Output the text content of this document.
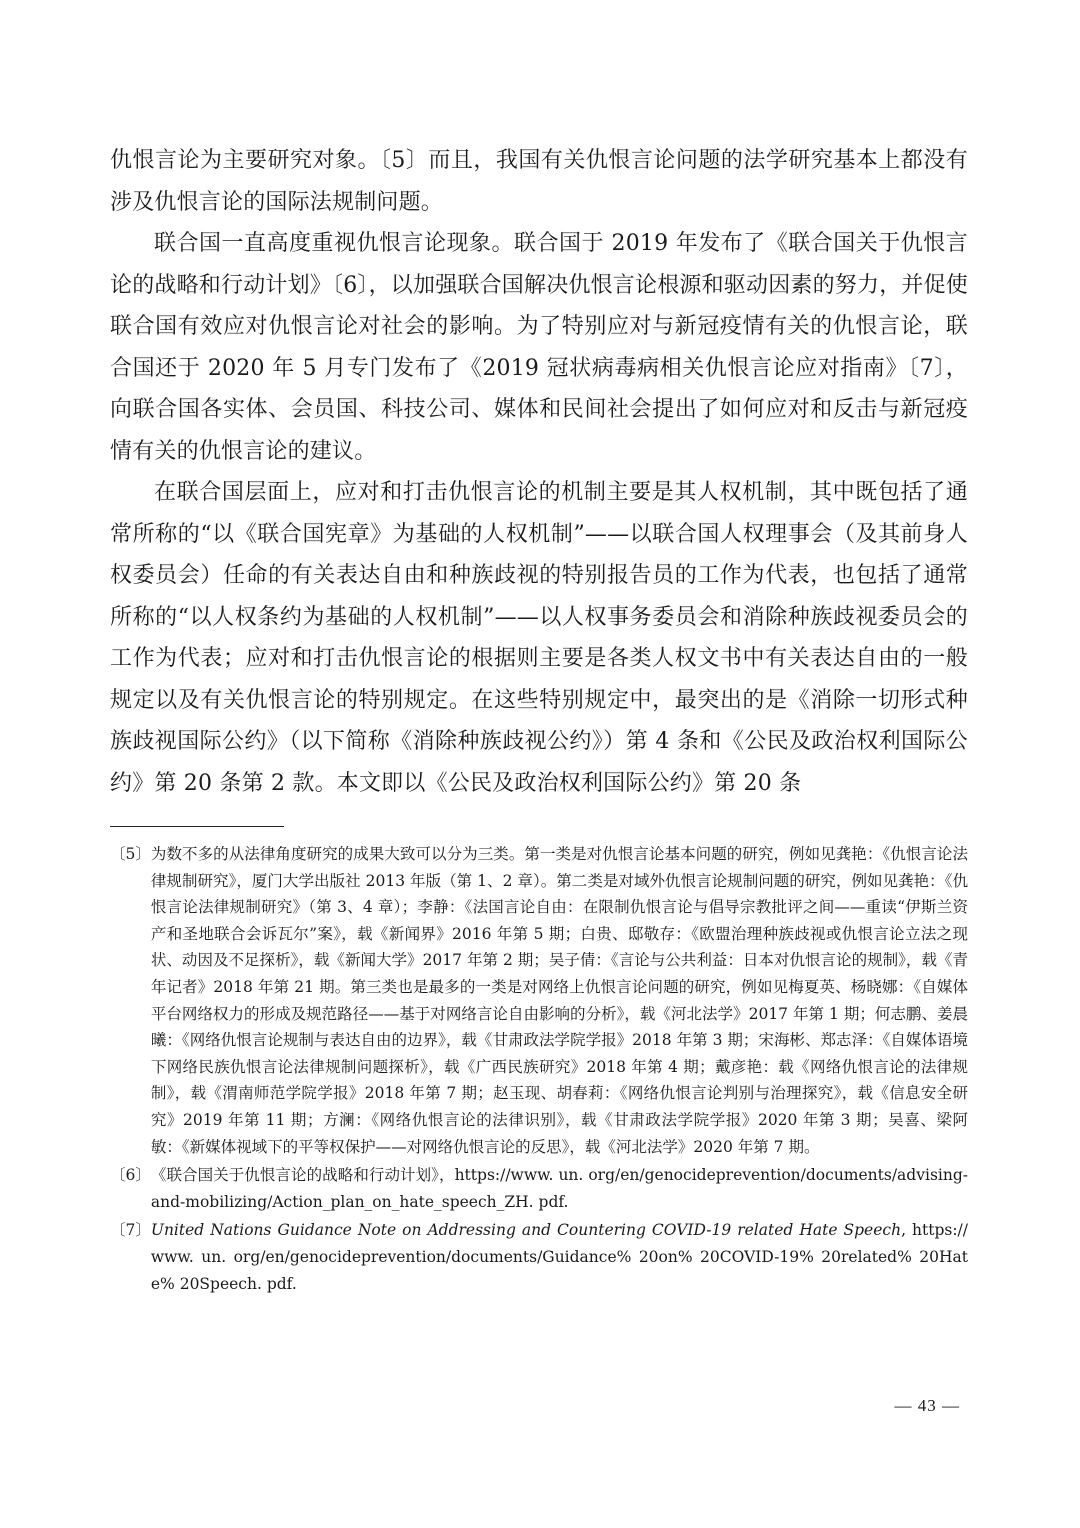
仇恨言论为主要研究对象。〔5〕而且，我国有关仇恨言论问题的法学研究基本上都没有涉及仇恨言论的国际法规制问题。

联合国一直高度重视仇恨言论现象。联合国于 2019 年发布了《联合国关于仇恨言论的战略和行动计划》〔6〕，以加强联合国解决仇恨言论根源和驱动因素的努力，并促使联合国有效应对仇恨言论对社会的影响。为了特别应对与新冠疫情有关的仇恨言论，联合国还于 2020 年 5 月专门发布了《2019 冠状病毒病相关仇恨言论应对指南》〔7〕，向联合国各实体、会员国、科技公司、媒体和民间社会提出了如何应对和反击与新冠疫情有关的仇恨言论的建议。

在联合国层面上，应对和打击仇恨言论的机制主要是其人权机制，其中既包括了通常所称的“以《联合国宪章》为基础的人权机制”——以联合国人权理事会（及其前身人权委员会）任命的有关表达自由和种族歧视的特别报告员的工作为代表，也包括了通常所称的“以人权条约为基础的人权机制”——以人权事务委员会和消除种族歧视委员会的工作为代表；应对和打击仇恨言论的根据则主要是各类人权文书中有关表达自由的一般规定以及有关仇恨言论的特别规定。在这些特别规定中，最突出的是《消除一切形式种族歧视国际公约》（以下简称《消除种族歧视公约》）第 4 条和《公民及政治权利国际公约》第 20 条第 2 款。本文即以《公民及政治权利国际公约》第 20 条

〔5〕 为数不多的从法律角度研究的成果大致可以分为三类。第一类是对仇恨言论基本问题的研究，例如见龚艳：《仇恨言论法律规制研究》，厦门大学出版社 2013 年版（第 1、2 章）。第二类是对域外仇恨言论规制问题的研究，例如见龚艳：《仇恨言论法律规制研究》（第 3、4 章）；李静：《法国言论自由：在限制仇恨言论与倡导宗教批评之间——重读“伊斯兰资产和圣地联合会诉瓦尔”案》，载《新闻界》2016 年第 5 期；白贵、邸敬存：《欧盟治理种族歧视或仇恨言论立法之现状、动因及不足探析》，载《新闻大学》2017 年第 2 期；吴子倩：《言论与公共利益：日本对仇恨言论的规制》，载《青年记者》2018 年第 21 期。第三类也是最多的一类是对网络上仇恨言论问题的研究，例如见梅夏英、杨晓娜：《自媒体平台网络权力的形成及规范路径——基于对网络言论自由影响的分析》，载《河北法学》2017 年第 1 期；何志鹏、姜晨曦：《网络仇恨言论规制与表达自由的边界》，载《甘肃政法学院学报》2018 年第 3 期；宋海彬、郑志泽：《自媒体语境下网络民族仇恨言论法律规制问题探析》，载《广西民族研究》2018 年第 4 期；戴彦艳：载《网络仇恨言论的法律规制》，载《渭南师范学院学报》2018 年第 7 期；赵玉现、胡春莉：《网络仇恨言论判别与治理探究》，载《信息安全研究》2019 年第 11 期；方澜：《网络仇恨言论的法律识别》，载《甘肃政法学院学报》2020 年第 3 期；吴喜、梁阿敏：《新媒体视域下的平等权保护——对网络仇恨言论的反思》，载《河北法学》2020 年第 7 期。
〔6〕 《联合国关于仇恨言论的战略和行动计划》，https://www. un. org/en/genocideprevention/documents/advising-and-mobilizing/Action_plan_on_hate_speech_ZH. pdf.
〔7〕 United Nations Guidance Note on Addressing and Countering COVID-19 related Hate Speech, https://www. un. org/en/genocideprevention/documents/Guidance% 20on% 20COVID-19% 20related% 20Hate% 20Speech. pdf.
— 43 —
